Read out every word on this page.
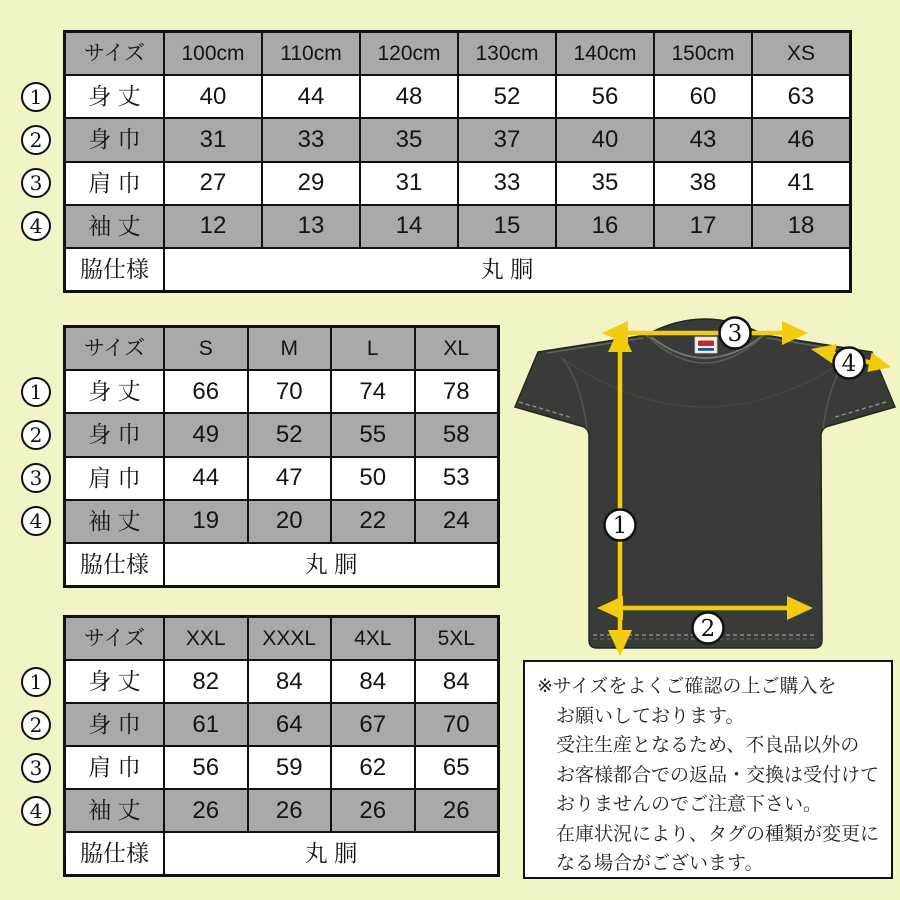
サイズ	100cm	110cm	120cm	130cm	140cm	150cm	XS
身 丈	40	44	48	52	56	60	63
身 巾	31	33	35	37	40	43	46
肩 巾	27	29	31	33	35	38	41
袖 丈	12	13	14	15	16	17	18
脇仕様	丸 胴
1
2
3
4
サイズ	S	M	L	XL
身 丈	66	70	74	78
身 巾	49	52	55	58
肩 巾	44	47	50	53
袖 丈	19	20	22	24
脇仕様	丸 胴
1
2
3
4
サイズ	XXL	XXXL	4XL	5XL
身 丈	82	84	84	84
身 巾	61	64	67	70
肩 巾	56	59	62	65
袖 丈	26	26	26	26
脇仕様	丸 胴
1
2
3
4
3
4
1
2
※サイズをよくご確認の上ご購入を
お願いしております。
受注生産となるため、不良品以外の
お客様都合での返品・交換は受付けて
おりませんのでご注意下さい。
在庫状況により、タグの種類が変更に
なる場合がございます。
